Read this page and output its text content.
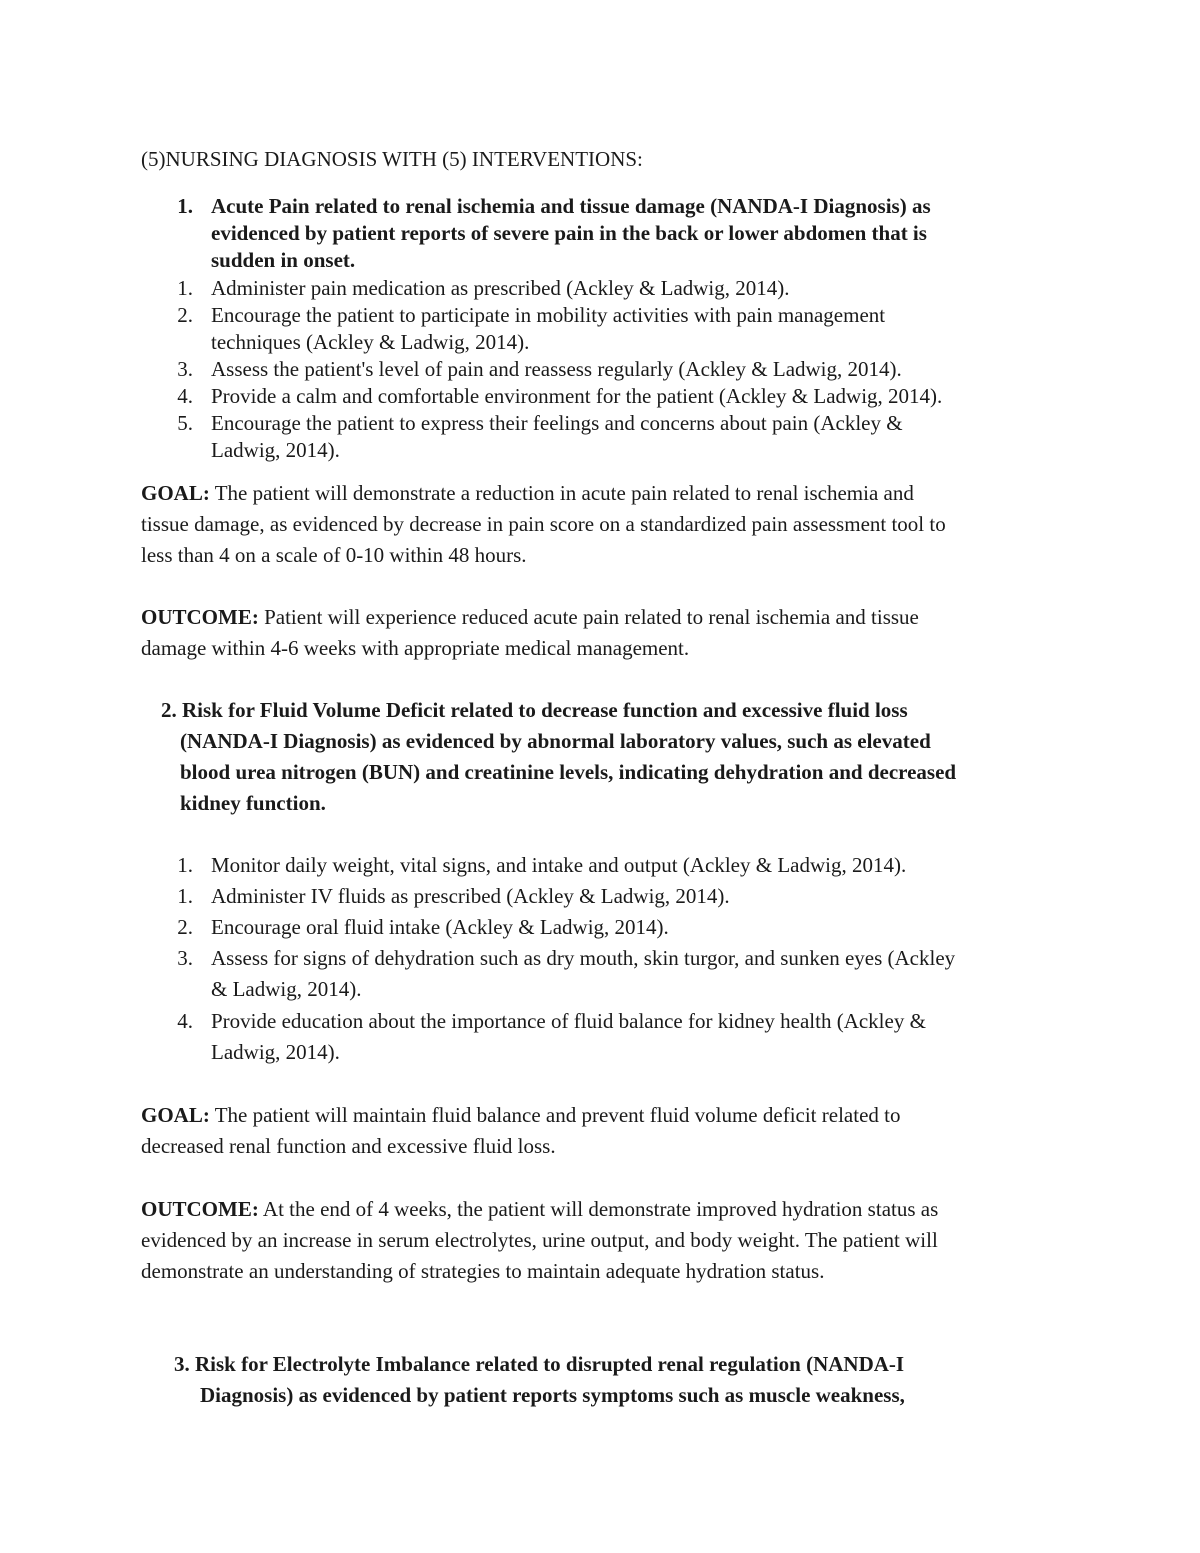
(5)NURSING DIAGNOSIS WITH (5) INTERVENTIONS:
1. Acute Pain related to renal ischemia and tissue damage (NANDA-I Diagnosis) as
evidenced by patient reports of severe pain in the back or lower abdomen that is
sudden in onset.
1. Administer pain medication as prescribed (Ackley & Ladwig, 2014).
2. Encourage the patient to participate in mobility activities with pain management
techniques (Ackley & Ladwig, 2014).
3. Assess the patient's level of pain and reassess regularly (Ackley & Ladwig, 2014).
4. Provide a calm and comfortable environment for the patient (Ackley & Ladwig, 2014).
5. Encourage the patient to express their feelings and concerns about pain (Ackley &
Ladwig, 2014).
GOAL: The patient will demonstrate a reduction in acute pain related to renal ischemia and
tissue damage, as evidenced by decrease in pain score on a standardized pain assessment tool to
less than 4 on a scale of 0-10 within 48 hours.
OUTCOME: Patient will experience reduced acute pain related to renal ischemia and tissue
damage within 4-6 weeks with appropriate medical management.
2. Risk for Fluid Volume Deficit related to decrease function and excessive fluid loss
(NANDA-I Diagnosis) as evidenced by abnormal laboratory values, such as elevated
blood urea nitrogen (BUN) and creatinine levels, indicating dehydration and decreased
kidney function.
1. Monitor daily weight, vital signs, and intake and output (Ackley & Ladwig, 2014).
1. Administer IV fluids as prescribed (Ackley & Ladwig, 2014).
2. Encourage oral fluid intake (Ackley & Ladwig, 2014).
3. Assess for signs of dehydration such as dry mouth, skin turgor, and sunken eyes (Ackley
& Ladwig, 2014).
4. Provide education about the importance of fluid balance for kidney health (Ackley &
Ladwig, 2014).
GOAL: The patient will maintain fluid balance and prevent fluid volume deficit related to
decreased renal function and excessive fluid loss.
OUTCOME: At the end of 4 weeks, the patient will demonstrate improved hydration status as
evidenced by an increase in serum electrolytes, urine output, and body weight. The patient will
demonstrate an understanding of strategies to maintain adequate hydration status.
3. Risk for Electrolyte Imbalance related to disrupted renal regulation (NANDA-I
Diagnosis) as evidenced by patient reports symptoms such as muscle weakness,
